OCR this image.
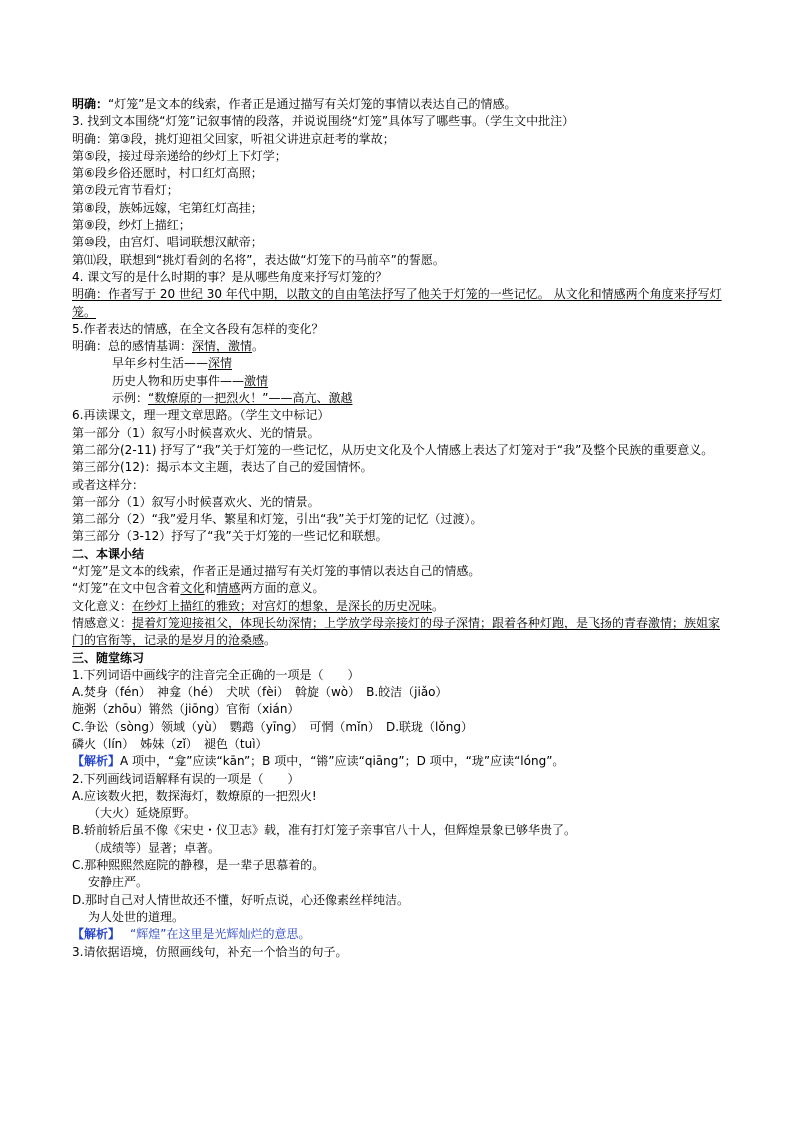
明确：“灯笼”是文本的线索，作者正是通过描写有关灯笼的事情以表达自己的情感。
3. 找到文本围绕“灯笼”记叙事情的段落，并说说围绕“灯笼”具体写了哪些事。（学生文中批注）
明确：第③段，挑灯迎祖父回家，听祖父讲进京赶考的掌故；
第⑤段，接过母亲递给的纱灯上下灯学；
第⑥段乡俗还愿时，村口红灯高照；
第⑦段元宵节看灯；
第⑧段，族姊远嫁，宅第红灯高挂；
第⑨段，纱灯上描红；
第⑩段，由宫灯、唱词联想汉献帝；
第⑾段，联想到“挑灯看剑的名将”，表达做“灯笼下的马前卒”的誓愿。
4. 课文写的是什么时期的事？是从哪些角度来抒写灯笼的？
明确：作者写于 20 世纪 30 年代中期，以散文的自由笔法抒写了他关于灯笼的一些记忆。 从文化和情感两个角度来抒写灯笼。
5.作者表达的情感，在全文各段有怎样的变化？
明确：总的感情基调：深情，激情。
早年乡村生活——深情
历史人物和历史事件——激情
示例：“数燎原的一把烈火！”——高亢、激越
6.再读课文，理一理文章思路。（学生文中标记）
第一部分（1）叙写小时候喜欢火、光的情景。
第二部分(2-11) 抒写了“我”关于灯笼的一些记忆，从历史文化及个人情感上表达了灯笼对于“我”及整个民族的重要意义。
第三部分(12)：揭示本文主题，表达了自己的爱国情怀。
或者这样分：
第一部分（1）叙写小时候喜欢火、光的情景。
第二部分（2）“我”爱月华、繁星和灯笼，引出“我”关于灯笼的记忆（过渡）。
第三部分（3-12）抒写了“我”关于灯笼的一些记忆和联想。
二、本课小结
“灯笼”是文本的线索，作者正是通过描写有关灯笼的事情以表达自己的情感。
“灯笼”在文中包含着文化和情感两方面的意义。
文化意义：在纱灯上描红的雅致；对宫灯的想象，是深长的历史况味。
情感意义：提着灯笼迎接祖父，体现长幼深情；上学放学母亲接灯的母子深情；跟着各种灯跑，是飞扬的青春激情；族姐家门的官衔等，记录的是岁月的沧桑感。
三、随堂练习
1.下列词语中画线字的注音完全正确的一项是（　　）
A.焚身（fén）　神龛（hé）　犬吠（fèi）　斡旋（wò）　B.皎洁（jiǎo）
施粥（zhōu）锵然（jiōng）官衔（xián）
C.争讼（sòng）领域（yù）　鹦鹉（yīng）　可惘（mǐn）　D.联珑（lǒng）
磷火（lín）　姊妹（zǐ）　褪色（tuì）
【解析】A 项中，“龛”应读“kān”；B 项中，“锵”应读“qiāng”；D 项中，“珑”应读“lóng”。
2.下列画线词语解释有误的一项是（　　）
A.应该数火把，数探海灯，数燎原的一把烈火!
（大火）延烧原野。
B.轿前轿后虽不像《宋史・仪卫志》载，准有打灯笼子亲事官八十人，但辉煌景象已够华贵了。
（成绩等）显著；卓著。
C.那种熙熙然庭院的静穆，是一辈子思慕着的。
安静庄严。
D.那时自己对人情世故还不懂，好听点说，心还像素丝样纯洁。
为人处世的道理。
【解析】 “辉煌”在这里是光辉灿烂的意思。
3.请依据语境，仿照画线句，补充一个恰当的句子。
